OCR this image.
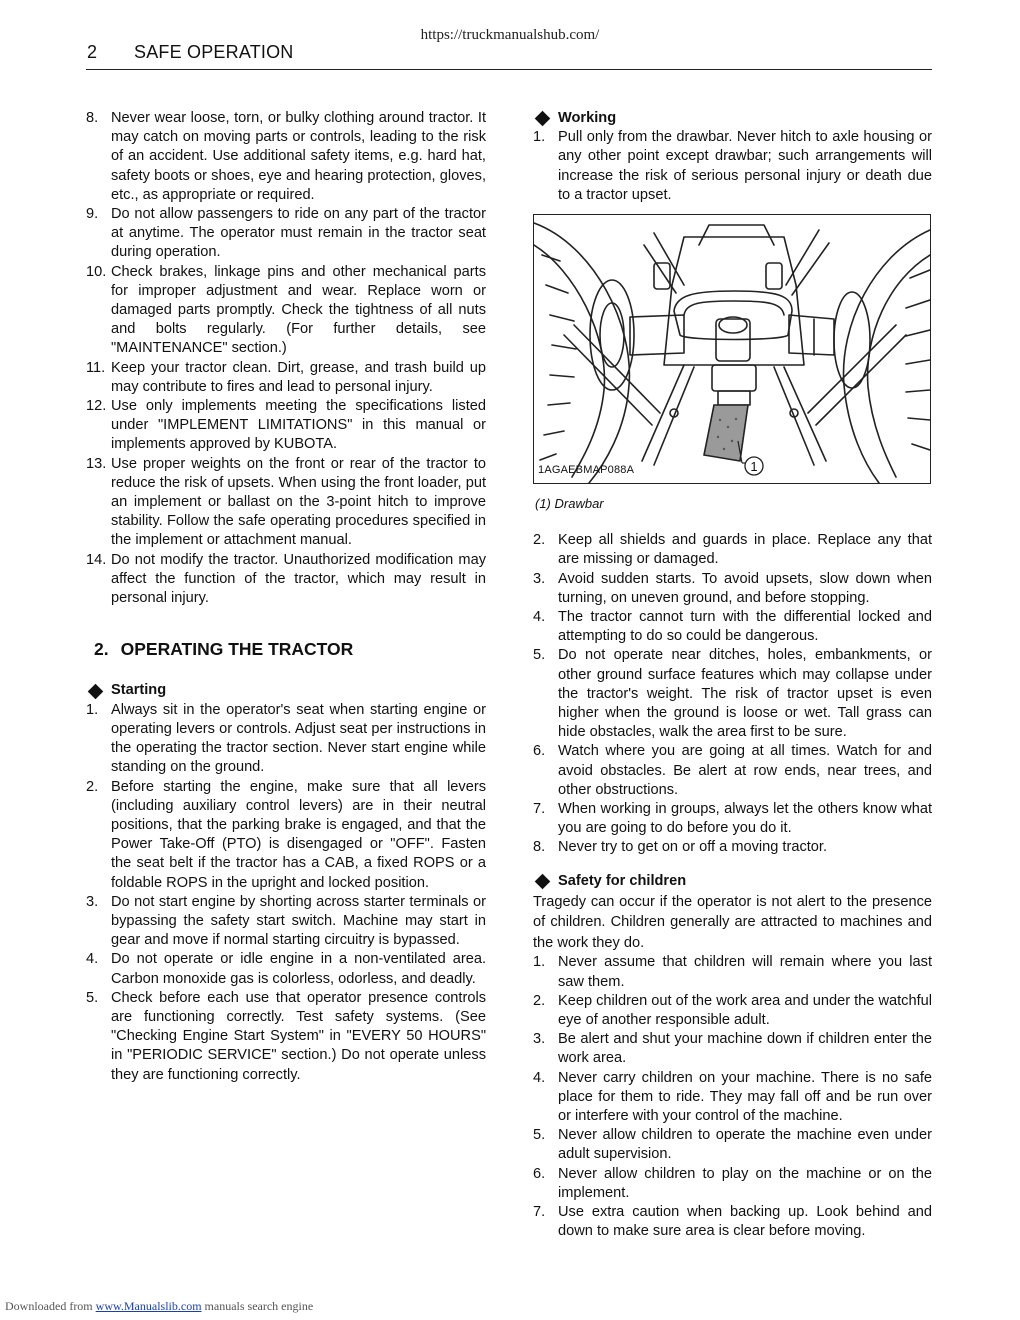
https://truckmanualshub.com/
2 SAFE OPERATION
8. Never wear loose, torn, or bulky clothing around tractor. It may catch on moving parts or controls, leading to the risk of an accident. Use additional safety items, e.g. hard hat, safety boots or shoes, eye and hearing protection, gloves, etc., as appropriate or required.
9. Do not allow passengers to ride on any part of the tractor at anytime. The operator must remain in the tractor seat during operation.
10. Check brakes, linkage pins and other mechanical parts for improper adjustment and wear. Replace worn or damaged parts promptly. Check the tightness of all nuts and bolts regularly. (For further details, see "MAINTENANCE" section.)
11. Keep your tractor clean. Dirt, grease, and trash build up may contribute to fires and lead to personal injury.
12. Use only implements meeting the specifications listed under "IMPLEMENT LIMITATIONS" in this manual or implements approved by KUBOTA.
13. Use proper weights on the front or rear of the tractor to reduce the risk of upsets. When using the front loader, put an implement or ballast on the 3-point hitch to improve stability. Follow the safe operating procedures specified in the implement or attachment manual.
14. Do not modify the tractor. Unauthorized modification may affect the function of the tractor, which may result in personal injury.
2. OPERATING THE TRACTOR
Starting
1. Always sit in the operator's seat when starting engine or operating levers or controls. Adjust seat per instructions in the operating the tractor section. Never start engine while standing on the ground.
2. Before starting the engine, make sure that all levers (including auxiliary control levers) are in their neutral positions, that the parking brake is engaged, and that the Power Take-Off (PTO) is disengaged or "OFF". Fasten the seat belt if the tractor has a CAB, a fixed ROPS or a foldable ROPS in the upright and locked position.
3. Do not start engine by shorting across starter terminals or bypassing the safety start switch. Machine may start in gear and move if normal starting circuitry is bypassed.
4. Do not operate or idle engine in a non-ventilated area. Carbon monoxide gas is colorless, odorless, and deadly.
5. Check before each use that operator presence controls are functioning correctly. Test safety systems. (See "Checking Engine Start System" in "EVERY 50 HOURS" in "PERIODIC SERVICE" section.) Do not operate unless they are functioning correctly.
Working
1. Pull only from the drawbar. Never hitch to axle housing or any other point except drawbar; such arrangements will increase the risk of serious personal injury or death due to a tractor upset.
1
1AGAEBMAP088A
(1) Drawbar
2. Keep all shields and guards in place. Replace any that are missing or damaged.
3. Avoid sudden starts. To avoid upsets, slow down when turning, on uneven ground, and before stopping.
4. The tractor cannot turn with the differential locked and attempting to do so could be dangerous.
5. Do not operate near ditches, holes, embankments, or other ground surface features which may collapse under the tractor's weight. The risk of tractor upset is even higher when the ground is loose or wet. Tall grass can hide obstacles, walk the area first to be sure.
6. Watch where you are going at all times. Watch for and avoid obstacles. Be alert at row ends, near trees, and other obstructions.
7. When working in groups, always let the others know what you are going to do before you do it.
8. Never try to get on or off a moving tractor.
Safety for children

Tragedy can occur if the operator is not alert to the presence of children. Children generally are attracted to machines and the work they do.

1. Never assume that children will remain where you last saw them.
2. Keep children out of the work area and under the watchful eye of another responsible adult.
3. Be alert and shut your machine down if children enter the work area.
4. Never carry children on your machine. There is no safe place for them to ride. They may fall off and be run over or interfere with your control of the machine.
5. Never allow children to operate the machine even under adult supervision.
6. Never allow children to play on the machine or on the implement.
7. Use extra caution when backing up. Look behind and down to make sure area is clear before moving.
Downloaded from www.Manualslib.com manuals search engine
